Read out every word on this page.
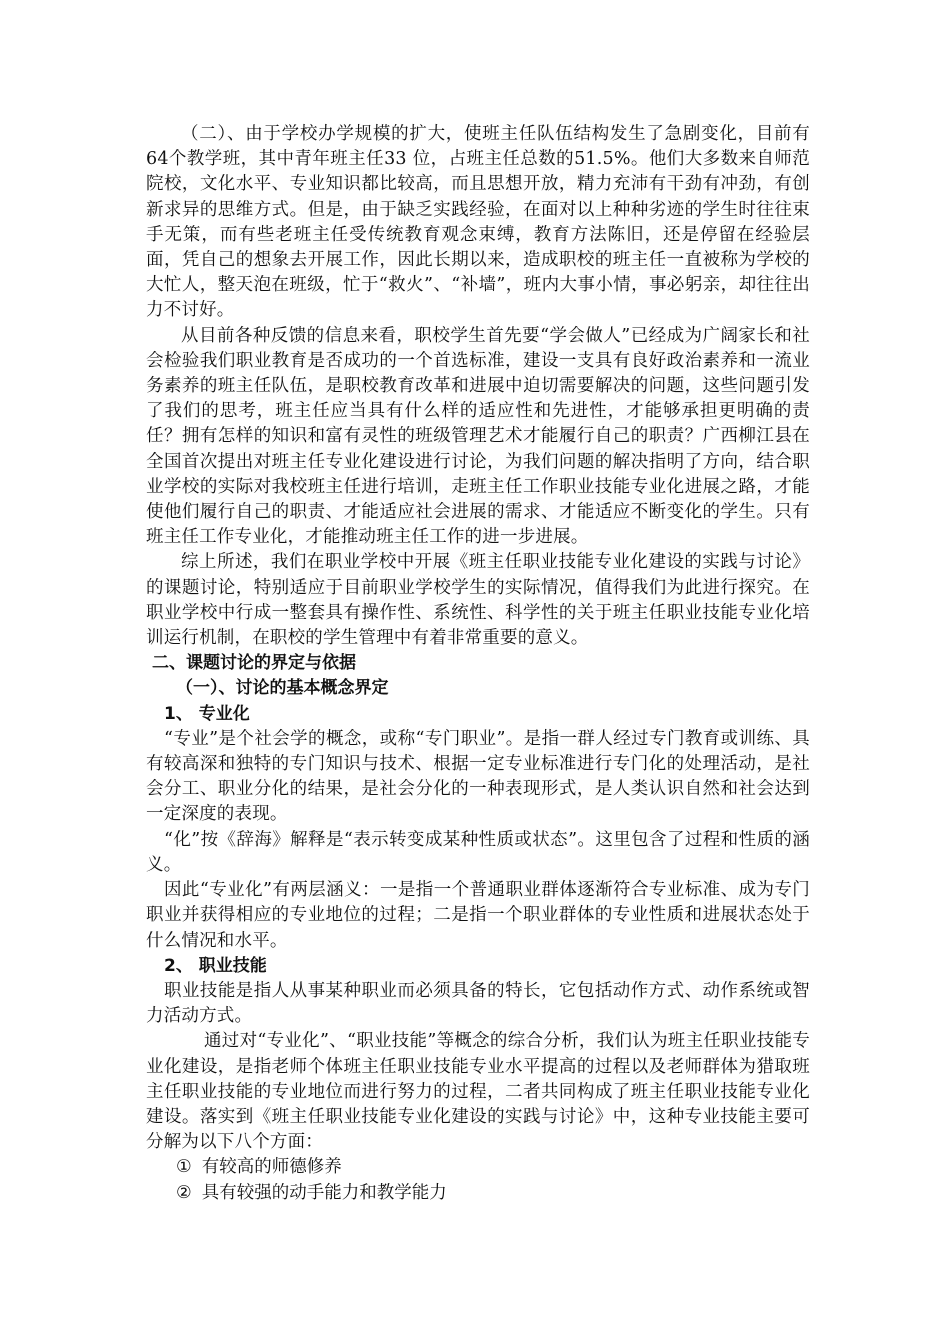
（二）、由于学校办学规模的扩大，使班主任队伍结构发生了急剧变化，目前有64个教学班，其中青年班主任33 位，占班主任总数的51.5%。他们大多数来自师范院校，文化水平、专业知识都比较高，而且思想开放，精力充沛有干劲有冲劲，有创新求异的思维方式。但是，由于缺乏实践经验，在面对以上种种劣迹的学生时往往束手无策，而有些老班主任受传统教育观念束缚，教育方法陈旧，还是停留在经验层面，凭自己的想象去开展工作，因此长期以来，造成职校的班主任一直被称为学校的大忙人，整天泡在班级，忙于“救火”、“补墙”，班内大事小情，事必躬亲，却往往出力不讨好。

从目前各种反馈的信息来看，职校学生首先要“学会做人”已经成为广阔家长和社会检验我们职业教育是否成功的一个首选标准，建设一支具有良好政治素养和一流业务素养的班主任队伍，是职校教育改革和进展中迫切需要解决的问题，这些问题引发了我们的思考，班主任应当具有什么样的适应性和先进性，才能够承担更明确的责任？拥有怎样的知识和富有灵性的班级管理艺术才能履行自己的职责？广西柳江县在全国首次提出对班主任专业化建设进行讨论，为我们问题的解决指明了方向，结合职业学校的实际对我校班主任进行培训，走班主任工作职业技能专业化进展之路，才能使他们履行自己的职责、才能适应社会进展的需求、才能适应不断变化的学生。只有班主任工作专业化，才能推动班主任工作的进一步进展。

综上所述，我们在职业学校中开展《班主任职业技能专业化建设的实践与讨论》的课题讨论，特别适应于目前职业学校学生的实际情况，值得我们为此进行探究。在职业学校中行成一整套具有操作性、系统性、科学性的关于班主任职业技能专业化培训运行机制，在职校的学生管理中有着非常重要的意义。

二、课题讨论的界定与依据

（一）、讨论的基本概念界定

1、 专业化

“专业”是个社会学的概念，或称“专门职业”。是指一群人经过专门教育或训练、具有较高深和独特的专门知识与技术、根据一定专业标准进行专门化的处理活动，是社会分工、职业分化的结果，是社会分化的一种表现形式，是人类认识自然和社会达到一定深度的表现。

“化”按《辞海》解释是“表示转变成某种性质或状态”。这里包含了过程和性质的涵义。

因此“专业化”有两层涵义：一是指一个普通职业群体逐渐符合专业标准、成为专门职业并获得相应的专业地位的过程；二是指一个职业群体的专业性质和进展状态处于什么情况和水平。

2、 职业技能

职业技能是指人从事某种职业而必须具备的特长，它包括动作方式、动作系统或智力活动方式。

通过对“专业化”、“职业技能”等概念的综合分析，我们认为班主任职业技能专业化建设，是指老师个体班主任职业技能专业水平提高的过程以及老师群体为猎取班主任职业技能的专业地位而进行努力的过程，二者共同构成了班主任职业技能专业化建设。落实到《班主任职业技能专业化建设的实践与讨论》中，这种专业技能主要可分解为以下八个方面：

① 有较高的师德修养

② 具有较强的动手能力和教学能力
